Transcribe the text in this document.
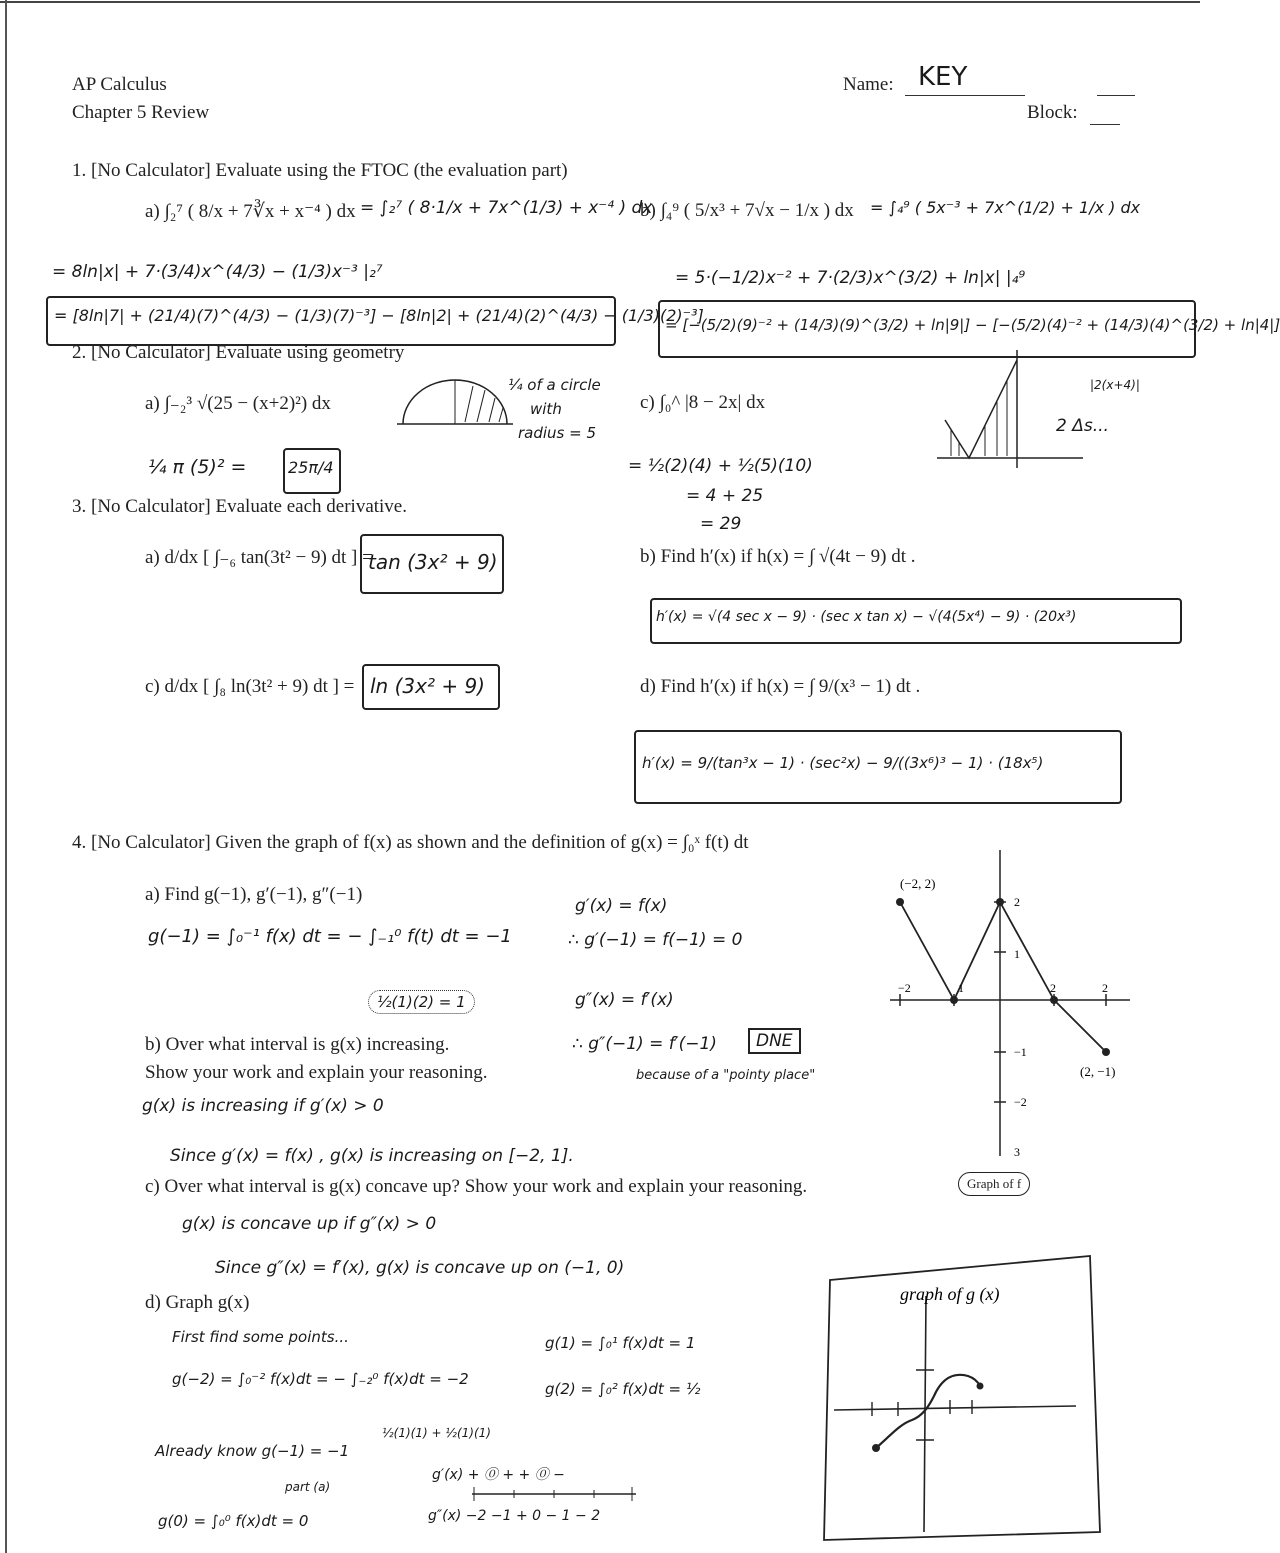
AP Calculus
Chapter 5 Review
Name: KEY
Block:
1. [No Calculator] Evaluate using the FTOC (the evaluation part)
a) ∫₂⁷ ( 8/x + 7∛x + x⁻⁴ ) dx = ∫₂⁷ ( 8·1/x + 7x^(1/3) + x⁻⁴ ) dx
b) ∫₄⁹ ( 5/x³ + 7√x − 1/x ) dx = ∫₄⁹ ( 5x⁻³ + 7x^(1/2) + 1/x ) dx
= 8ln|x| + 7·(3/4)x^(4/3) − (1/3)x⁻³ |₂⁷	= 5·(−1/2)x⁻² + 7·(2/3)x^(3/2) + ln|x| |₄⁹
= [8ln|7| + (21/4)(7)^(4/3) − (1/3)(7)⁻³] − [8ln|2| + (21/4)(2)^(4/3) − (1/3)(2)⁻³]
= [−(5/2)(9)⁻² + (14/3)(9)^(3/2) + ln|9|] − [−(5/2)(4)⁻² + (14/3)(4)^(3/2) + ln|4|]
2. [No Calculator] Evaluate using geometry
a) ∫₋₂³ √(25 − (x+2)²) dx
¼ of a circle
with
radius = 5
¼ π (5)² =	25π/4
c) ∫₀^ |8 − 2x| dx
|2(x+4)|
2 Δs...
= ½(2)(4) + ½(5)(10)
= 4 + 25
= 29
3. [No Calculator] Evaluate each derivative.
a) d/dx [ ∫₋₆ tan(3t² − 9) dt ] =
tan (3x² + 9)	b) Find h′(x) if h(x) = ∫ √(4t − 9) dt .
h′(x) = √(4 sec x − 9) · (sec x tan x) − √(4(5x⁴) − 9) · (20x³)
c) d/dx [ ∫₈ ln(3t² + 9) dt ] = ln (3x² + 9)	d) Find h′(x) if h(x) = ∫ 9/(x³ − 1) dt .
h′(x) = 9/(tan³x − 1) · (sec²x) − 9/((3x⁶)³ − 1) · (18x⁵)
4. [No Calculator] Given the graph of f(x) as shown and the definition of g(x) = ∫₀ˣ f(t) dt
a) Find g(−1), g′(−1), g″(−1)
g(−1) = ∫₀⁻¹ f(x) dt = − ∫₋₁⁰ f(t) dt = −1
½(1)(2) = 1
g′(x) = f(x)
∴ g′(−1) = f(−1) = 0
g″(x) = f′(x)
∴ g″(−1) = f′(−1)	DNE
because of a "pointy place"
b) Over what interval is g(x) increasing.
Show your work and explain your reasoning.
g(x) is increasing if g′(x) > 0
Since g′(x) = f(x) , g(x) is increasing on [−2, 1].
c) Over what interval is g(x) concave up? Show your work and explain your reasoning.
g(x) is concave up if g″(x) > 0
Since g″(x) = f′(x), g(x) is concave up on (−1, 0)
d) Graph g(x)
First find some points...
g(−2) = ∫₀⁻² f(x)dt = − ∫₋₂⁰ f(x)dt = −2
½(1)(1) + ½(1)(1)
Already know g(−1) = −1
part (a)
g(0) = ∫₀⁰ f(x)dt = 0
g(1) = ∫₀¹ f(x)dt = 1
g(2) = ∫₀² f(x)dt = ½
g′(x) + ⓪ + + ⓪ −
g″(x) −2 −1 + 0 − 1 − 2
(−2, 2)
(2, −1)
−2	1	2	2
1
2
−1
−2
3
Graph of f
graph of g (x)
